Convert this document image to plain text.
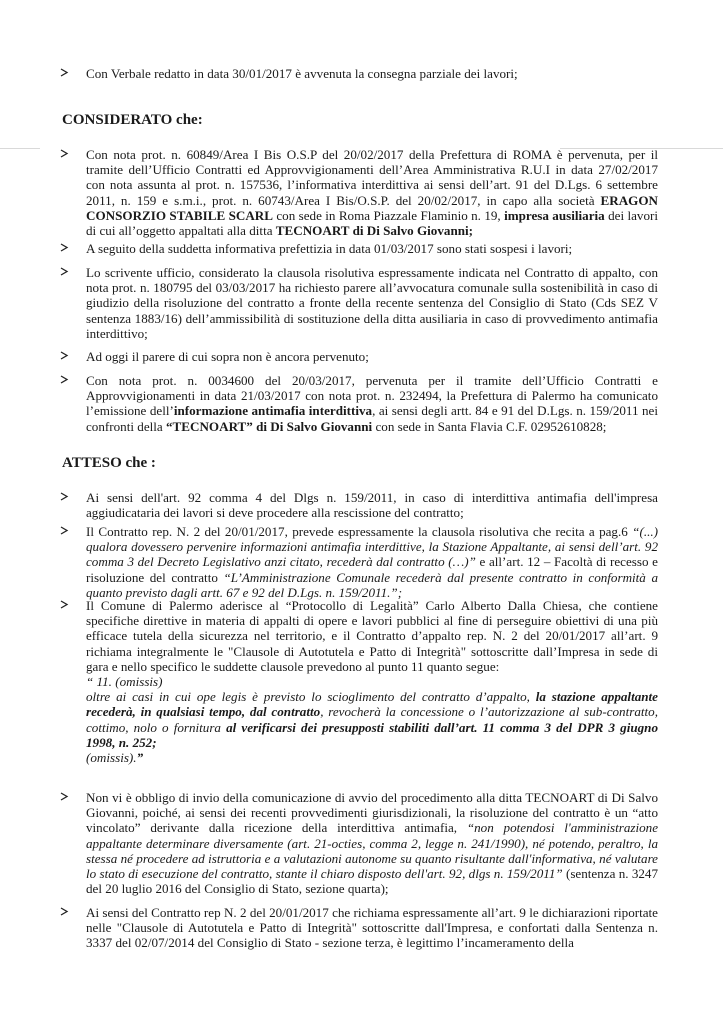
Con Verbale redatto in data 30/01/2017 è avvenuta la consegna parziale dei lavori;
CONSIDERATO che:
Con nota prot. n. 60849/Area I Bis O.S.P del 20/02/2017 della Prefettura di ROMA è pervenuta, per il tramite dell’Ufficio Contratti ed Approvvigionamenti dell’Area Amministrativa R.U.I in data 27/02/2017 con nota assunta al prot. n. 157536, l’informativa interdittiva ai sensi dell’art. 91 del D.Lgs. 6 settembre 2011, n. 159 e s.m.i., prot. n. 60743/Area I Bis/O.S.P. del 20/02/2017, in capo alla società ERAGON CONSORZIO STABILE SCARL con sede in Roma Piazzale Flaminio n. 19, impresa ausiliaria dei lavori di cui all’oggetto appaltati alla ditta TECNOART di Di Salvo Giovanni;
A seguito della suddetta informativa prefettizia in data 01/03/2017 sono stati sospesi i lavori;
Lo scrivente ufficio, considerato la clausola risolutiva espressamente indicata nel Contratto di appalto, con nota prot. n. 180795 del 03/03/2017 ha richiesto parere all’avvocatura comunale sulla sostenibilità in caso di giudizio della risoluzione del contratto a fronte della recente sentenza del Consiglio di Stato (Cds SEZ V sentenza 1883/16) dell’ammissibilità di sostituzione della ditta ausiliaria in caso di provvedimento antimafia interdittivo;
Ad oggi il parere di cui sopra non è ancora pervenuto;
Con nota prot. n. 0034600 del 20/03/2017, pervenuta per il tramite dell’Ufficio Contratti e Approvvigionamenti in data 21/03/2017 con nota prot. n. 232494, la Prefettura di Palermo ha comunicato l’emissione dell’informazione antimafia interdittiva, ai sensi degli artt. 84 e 91 del D.Lgs. n. 159/2011 nei confronti della “TECNOART” di Di Salvo Giovanni con sede in Santa Flavia C.F. 02952610828;
ATTESO che :
Ai sensi dell'art. 92 comma 4 del Dlgs n. 159/2011, in caso di interdittiva antimafia dell'impresa aggiudicataria dei lavori si deve procedere alla rescissione del contratto;
Il Contratto rep. N. 2 del 20/01/2017, prevede espressamente la clausola risolutiva che recita a pag.6 “(...) qualora dovessero pervenire informazioni antimafia interdittive, la Stazione Appaltante, ai sensi dell’art. 92 comma 3 del Decreto Legislativo anzi citato, recederà dal contratto (…)” e all’art. 12 – Facoltà di recesso e risoluzione del contratto “L’Amministrazione Comunale recederà dal presente contratto in conformità a quanto previsto dagli artt. 67 e 92 del D.Lgs. n. 159/2011.”;
Il Comune di Palermo aderisce al “Protocollo di Legalità” Carlo Alberto Dalla Chiesa, che contiene specifiche direttive in materia di appalti di opere e lavori pubblici al fine di perseguire obiettivi di una più efficace tutela della sicurezza nel territorio, e il Contratto d’appalto rep. N. 2 del 20/01/2017 all’art. 9 richiama integralmente le "Clausole di Autotutela e Patto di Integrità" sottoscritte dall’Impresa in sede di gara e nello specifico le suddette clausole prevedono al punto 11 quanto segue:
“ 11. (omissis)
oltre ai casi in cui ope legis è previsto lo scioglimento del contratto d’appalto, la stazione appaltante recederà, in qualsiasi tempo, dal contratto, revocherà la concessione o l’autorizzazione al sub-contratto, cottimo, nolo o fornitura al verificarsi dei presupposti stabiliti dall’art. 11 comma 3 del DPR 3 giugno 1998, n. 252;
(omissis).”
Non vi è obbligo di invio della comunicazione di avvio del procedimento alla ditta TECNOART di Di Salvo Giovanni, poiché, ai sensi dei recenti provvedimenti giurisdizionali, la risoluzione del contratto è un “atto vincolato” derivante dalla ricezione della interdittiva antimafia, “non potendosi l'amministrazione appaltante determinare diversamente (art. 21-octies, comma 2, legge n. 241/1990), né potendo, peraltro, la stessa né procedere ad istruttoria e a valutazioni autonome su quanto risultante dall'informativa, né valutare lo stato di esecuzione del contratto, stante il chiaro disposto dell'art. 92, dlgs n. 159/2011” (sentenza n. 3247 del 20 luglio 2016 del Consiglio di Stato, sezione quarta);
Ai sensi del Contratto rep N. 2 del 20/01/2017 che richiama espressamente all’art. 9 le dichiarazioni riportate nelle "Clausole di Autotutela e Patto di Integrità" sottoscritte dall'Impresa, e confortati dalla Sentenza n. 3337 del 02/07/2014 del Consiglio di Stato - sezione terza, è legittimo l’incameramento della
